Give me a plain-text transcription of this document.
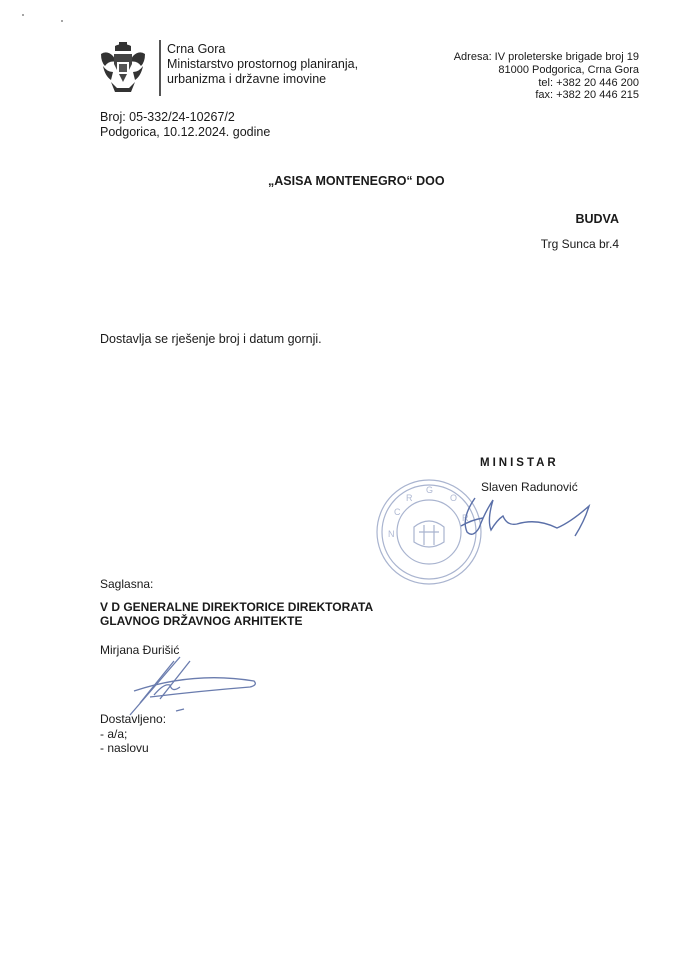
Crna Gora
Ministarstvo prostornog planiranja,
urbanizma i državne imovine
Adresa: IV proleterske brigade broj 19
81000 Podgorica, Crna Gora
tel: +382 20 446 200
fax: +382 20 446 215
Broj: 05-332/24-10267/2
Podgorica, 10.12.2024. godine
„ASISA MONTENEGRO“ DOO
BUDVA
Trg Sunca br.4
Dostavlja se rješenje broj i datum gornji.
C
R
G
O
N
R
MINISTAR
Slaven Radunović
Saglasna:
V D GENERALNE DIREKTORICE DIREKTORATA
GLAVNOG DRŽAVNOG ARHITEKTE
Mirjana Đurišić
Dostavljeno:
- a/a;
- naslovu
